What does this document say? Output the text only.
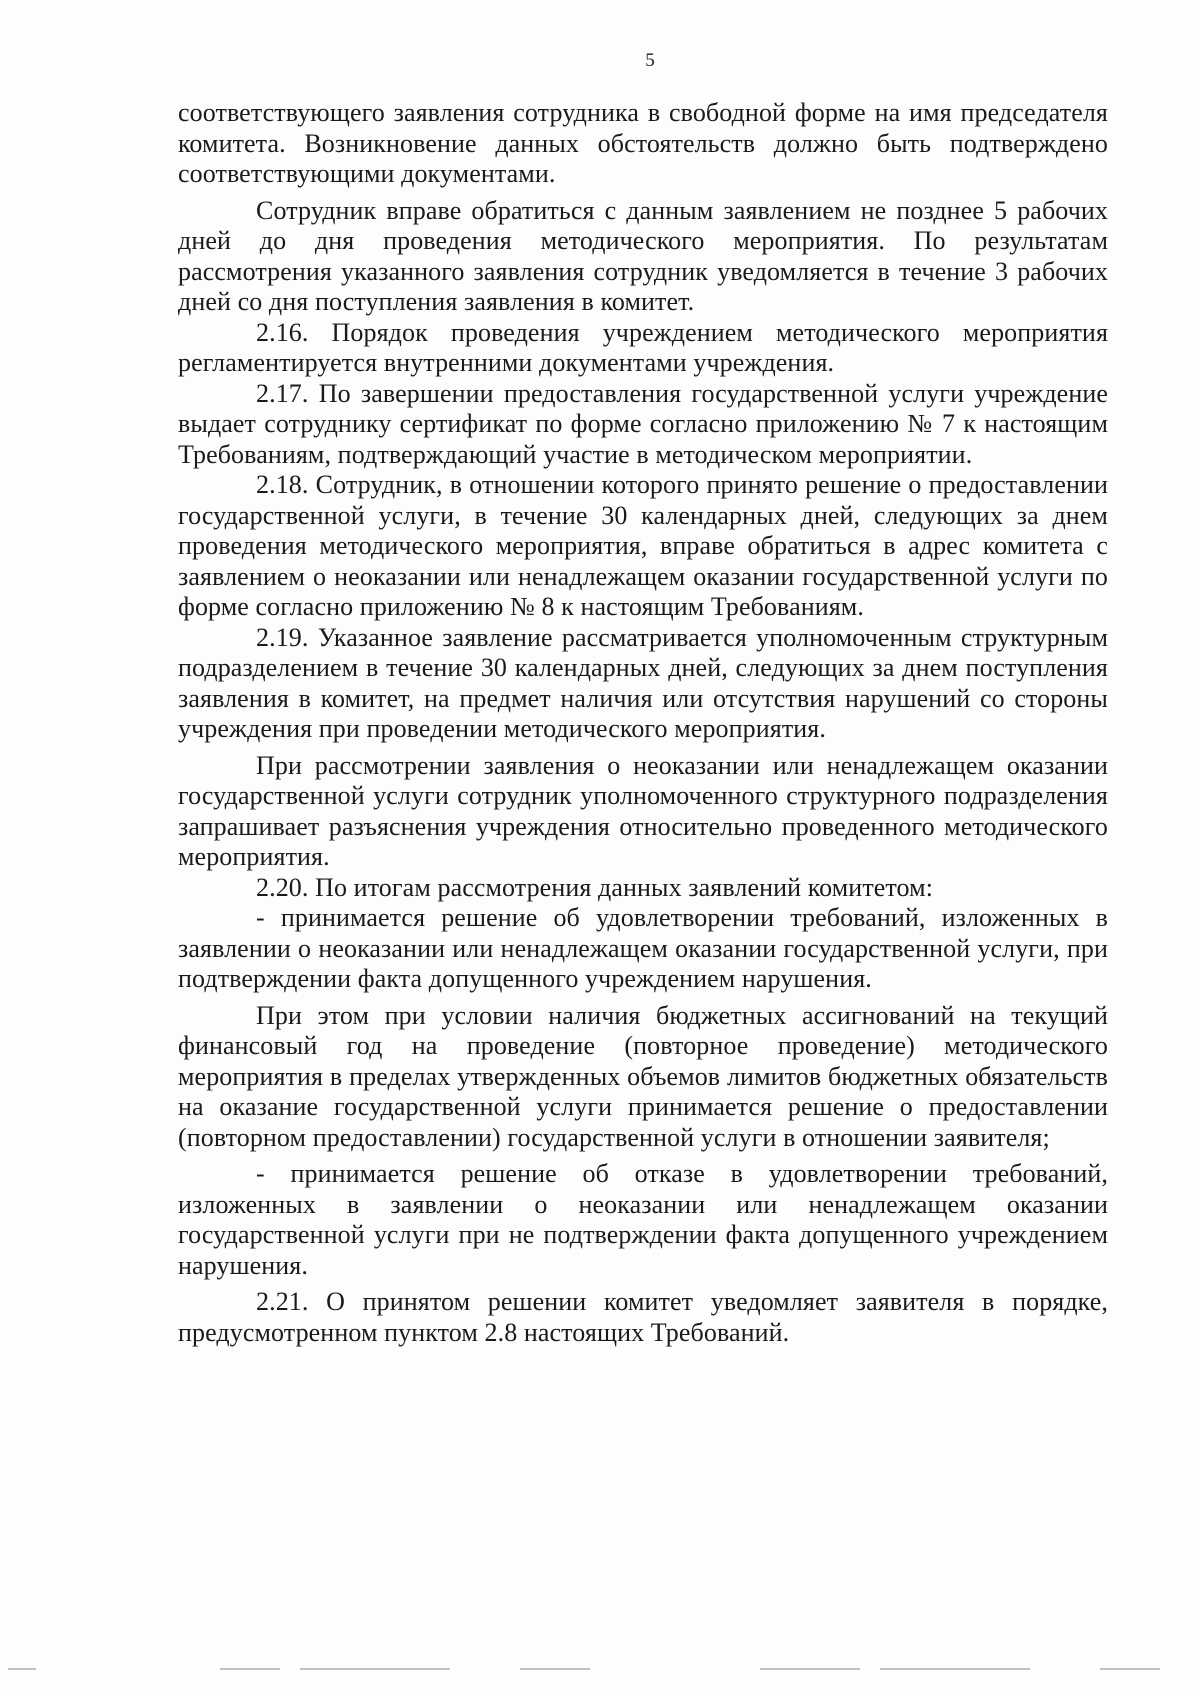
5

соответствующего заявления сотрудника в свободной форме на имя председателя комитета. Возникновение данных обстоятельств должно быть подтверждено соответствующими документами.

Сотрудник вправе обратиться с данным заявлением не позднее 5 рабочих дней до дня проведения методического мероприятия. По результатам рассмотрения указанного заявления сотрудник уведомляется в течение 3 рабочих дней со дня поступления заявления в комитет.

2.16. Порядок проведения учреждением методического мероприятия регламентируется внутренними документами учреждения.

2.17. По завершении предоставления государственной услуги учреждение выдает сотруднику сертификат по форме согласно приложению № 7 к настоящим Требованиям, подтверждающий участие в методическом мероприятии.

2.18. Сотрудник, в отношении которого принято решение о предоставлении государственной услуги, в течение 30 календарных дней, следующих за днем проведения методического мероприятия, вправе обратиться в адрес комитета с заявлением о неоказании или ненадлежащем оказании государственной услуги по форме согласно приложению № 8 к настоящим Требованиям.

2.19. Указанное заявление рассматривается уполномоченным структурным подразделением в течение 30 календарных дней, следующих за днем поступления заявления в комитет, на предмет наличия или отсутствия нарушений со стороны учреждения при проведении методического мероприятия.

При рассмотрении заявления о неоказании или ненадлежащем оказании государственной услуги сотрудник уполномоченного структурного подразделения запрашивает разъяснения учреждения относительно проведенного методического мероприятия.

2.20. По итогам рассмотрения данных заявлений комитетом:

- принимается решение об удовлетворении требований, изложенных в заявлении о неоказании или ненадлежащем оказании государственной услуги, при подтверждении факта допущенного учреждением нарушения.

При этом при условии наличия бюджетных ассигнований на текущий финансовый год на проведение (повторное проведение) методического мероприятия в пределах утвержденных объемов лимитов бюджетных обязательств на оказание государственной услуги принимается решение о предоставлении (повторном предоставлении) государственной услуги в отношении заявителя;

- принимается решение об отказе в удовлетворении требований, изложенных в заявлении о неоказании или ненадлежащем оказании государственной услуги при не подтверждении факта допущенного учреждением нарушения.

2.21. О принятом решении комитет уведомляет заявителя в порядке, предусмотренном пунктом 2.8 настоящих Требований.
